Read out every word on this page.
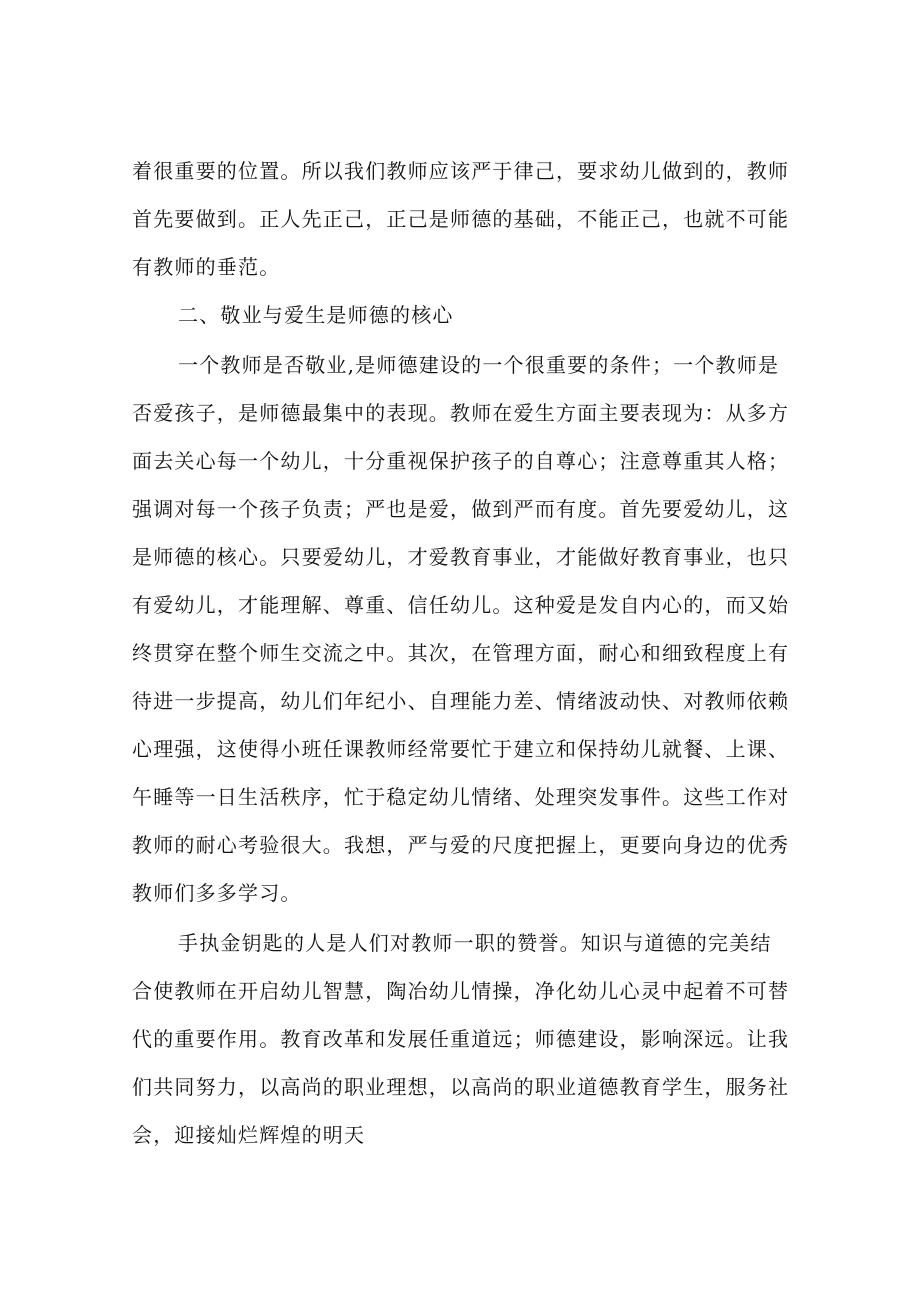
着很重要的位置。所以我们教师应该严于律己，要求幼儿做到的，教师
首先要做到。正人先正己，正己是师德的基础，不能正己，也就不可能
有教师的垂范。
二、敬业与爱生是师德的核心
一个教师是否敬业,是师德建设的一个很重要的条件；一个教师是
否爱孩子，是师德最集中的表现。教师在爱生方面主要表现为：从多方
面去关心每一个幼儿，十分重视保护孩子的自尊心；注意尊重其人格；
强调对每一个孩子负责；严也是爱，做到严而有度。首先要爱幼儿，这
是师德的核心。只要爱幼儿，才爱教育事业，才能做好教育事业，也只
有爱幼儿，才能理解、尊重、信任幼儿。这种爱是发自内心的，而又始
终贯穿在整个师生交流之中。其次，在管理方面，耐心和细致程度上有
待进一步提高，幼儿们年纪小、自理能力差、情绪波动快、对教师依赖
心理强，这使得小班任课教师经常要忙于建立和保持幼儿就餐、上课、
午睡等一日生活秩序，忙于稳定幼儿情绪、处理突发事件。这些工作对
教师的耐心考验很大。我想，严与爱的尺度把握上，更要向身边的优秀
教师们多多学习。
手执金钥匙的人是人们对教师一职的赞誉。知识与道德的完美结
合使教师在开启幼儿智慧，陶冶幼儿情操，净化幼儿心灵中起着不可替
代的重要作用。教育改革和发展任重道远；师德建设，影响深远。让我
们共同努力，以高尚的职业理想，以高尚的职业道德教育学生，服务社
会，迎接灿烂辉煌的明天
